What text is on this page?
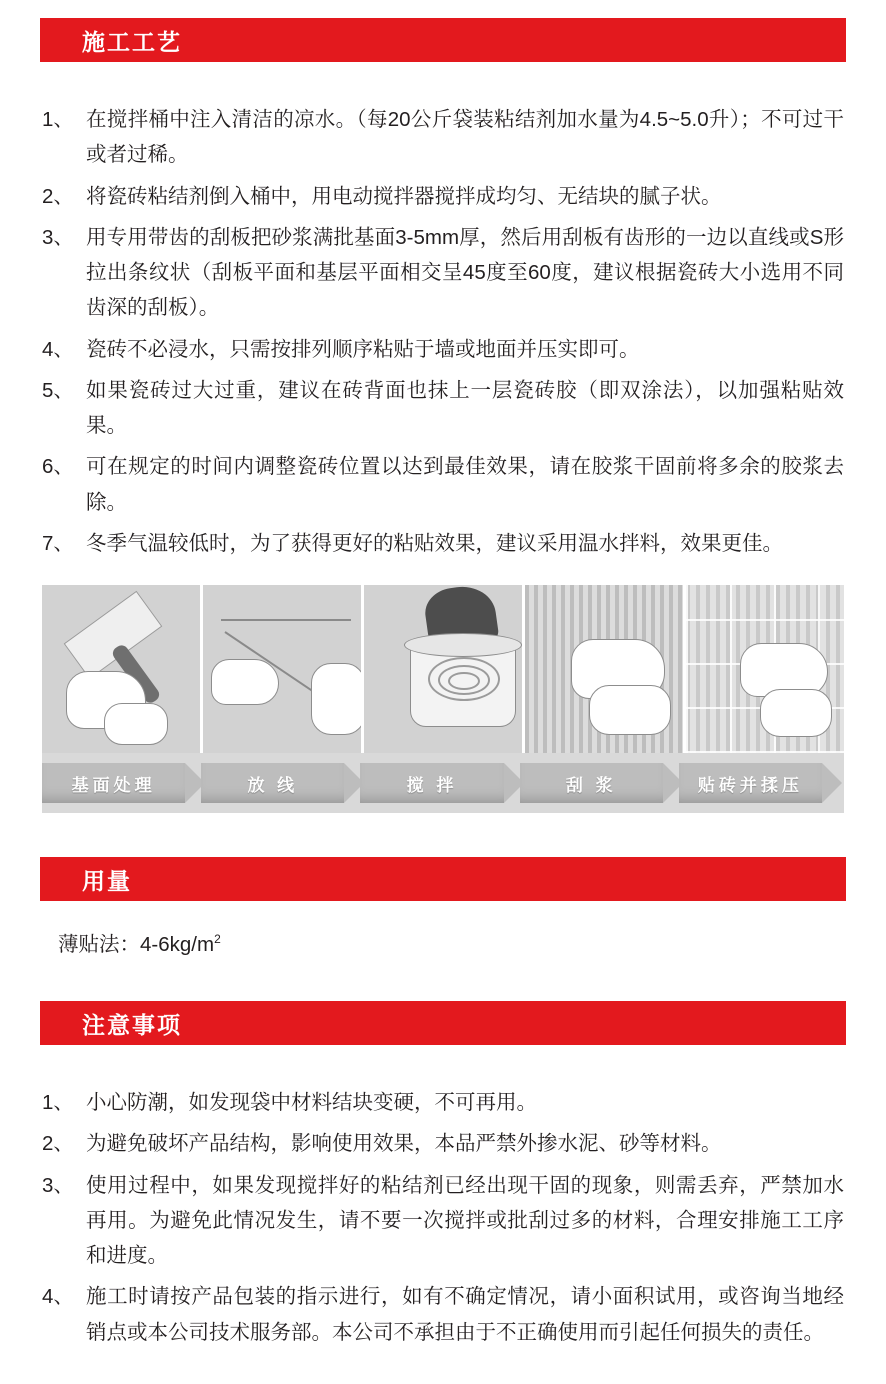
施工工艺
1、 在搅拌桶中注入清洁的凉水。（每20公斤袋装粘结剂加水量为4.5~5.0升）；不可过干或者过稀。
2、 将瓷砖粘结剂倒入桶中，用电动搅拌器搅拌成均匀、无结块的腻子状。
3、 用专用带齿的刮板把砂浆满批基面3-5mm厚，然后用刮板有齿形的一边以直线或S形拉出条纹状（刮板平面和基层平面相交呈45度至60度，建议根据瓷砖大小选用不同齿深的刮板）。
4、 瓷砖不必浸水，只需按排列顺序粘贴于墙或地面并压实即可。
5、 如果瓷砖过大过重，建议在砖背面也抹上一层瓷砖胶（即双涂法），以加强粘贴效果。
6、 可在规定的时间内调整瓷砖位置以达到最佳效果，请在胶浆干固前将多余的胶浆去除。
7、 冬季气温较低时，为了获得更好的粘贴效果，建议采用温水拌料，效果更佳。
基面处理	放 线	搅 拌	刮 浆	贴砖并揉压
用量
薄贴法：$4-6kg/m^2$
注意事项
1、 小心防潮，如发现袋中材料结块变硬，不可再用。
2、 为避免破坏产品结构，影响使用效果，本品严禁外掺水泥、砂等材料。
3、 使用过程中，如果发现搅拌好的粘结剂已经出现干固的现象，则需丢弃，严禁加水再用。为避免此情况发生，请不要一次搅拌或批刮过多的材料，合理安排施工工序和进度。
4、 施工时请按产品包装的指示进行，如有不确定情况，请小面积试用，或咨询当地经销点或本公司技术服务部。本公司不承担由于不正确使用而引起任何损失的责任。
